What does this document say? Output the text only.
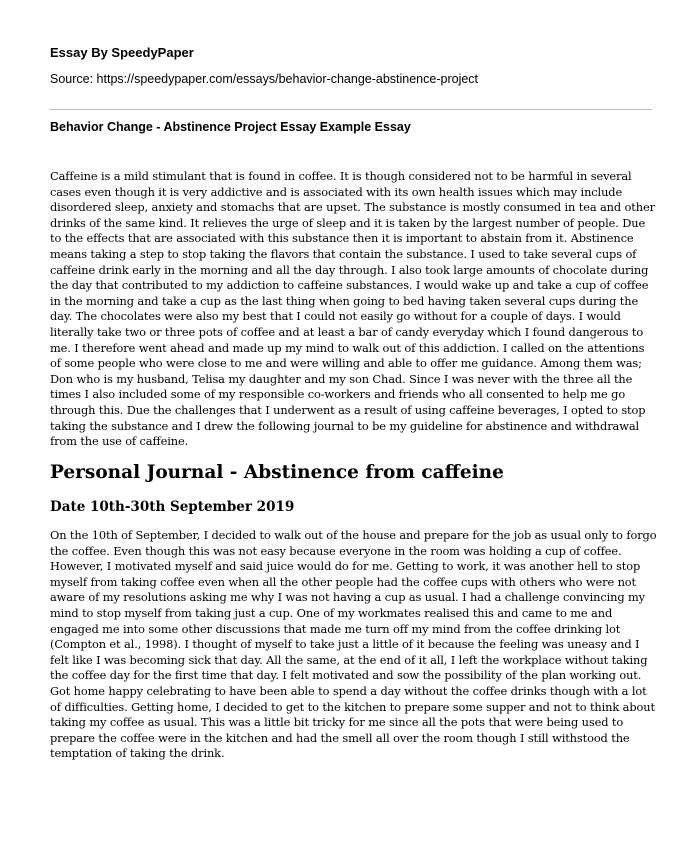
Essay By SpeedyPaper

Source: https://speedypaper.com/essays/behavior-change-abstinence-project

Behavior Change - Abstinence Project Essay Example Essay

Caffeine is a mild stimulant that is found in coffee. It is though considered not to be harmful in several cases even though it is very addictive and is associated with its own health issues which may include disordered sleep, anxiety and stomachs that are upset. The substance is mostly consumed in tea and other drinks of the same kind. It relieves the urge of sleep and it is taken by the largest number of people. Due to the effects that are associated with this substance then it is important to abstain from it. Abstinence means taking a step to stop taking the flavors that contain the substance. I used to take several cups of caffeine drink early in the morning and all the day through. I also took large amounts of chocolate during the day that contributed to my addiction to caffeine substances. I would wake up and take a cup of coffee in the morning and take a cup as the last thing when going to bed having taken several cups during the day. The chocolates were also my best that I could not easily go without for a couple of days. I would literally take two or three pots of coffee and at least a bar of candy everyday which I found dangerous to me. I therefore went ahead and made up my mind to walk out of this addiction. I called on the attentions of some people who were close to me and were willing and able to offer me guidance. Among them was; Don who is my husband, Telisa my daughter and my son Chad. Since I was never with the three all the times I also included some of my responsible co-workers and friends who all consented to help me go through this. Due the challenges that I underwent as a result of using caffeine beverages, I opted to stop taking the substance and I drew the following journal to be my guideline for abstinence and withdrawal from the use of caffeine.

Personal Journal - Abstinence from caffeine
Date 10th-30th September 2019

On the 10th of September, I decided to walk out of the house and prepare for the job as usual only to forgo the coffee. Even though this was not easy because everyone in the room was holding a cup of coffee. However, I motivated myself and said juice would do for me. Getting to work, it was another hell to stop myself from taking coffee even when all the other people had the coffee cups with others who were not aware of my resolutions asking me why I was not having a cup as usual. I had a challenge convincing my mind to stop myself from taking just a cup. One of my workmates realised this and came to me and engaged me into some other discussions that made me turn off my mind from the coffee drinking lot (Compton et al., 1998). I thought of myself to take just a little of it because the feeling was uneasy and I felt like I was becoming sick that day. All the same, at the end of it all, I left the workplace without taking the coffee day for the first time that day. I felt motivated and sow the possibility of the plan working out. Got home happy celebrating to have been able to spend a day without the coffee drinks though with a lot of difficulties. Getting home, I decided to get to the kitchen to prepare some supper and not to think about taking my coffee as usual. This was a little bit tricky for me since all the pots that were being used to prepare the coffee were in the kitchen and had the smell all over the room though I still withstood the temptation of taking the drink.
